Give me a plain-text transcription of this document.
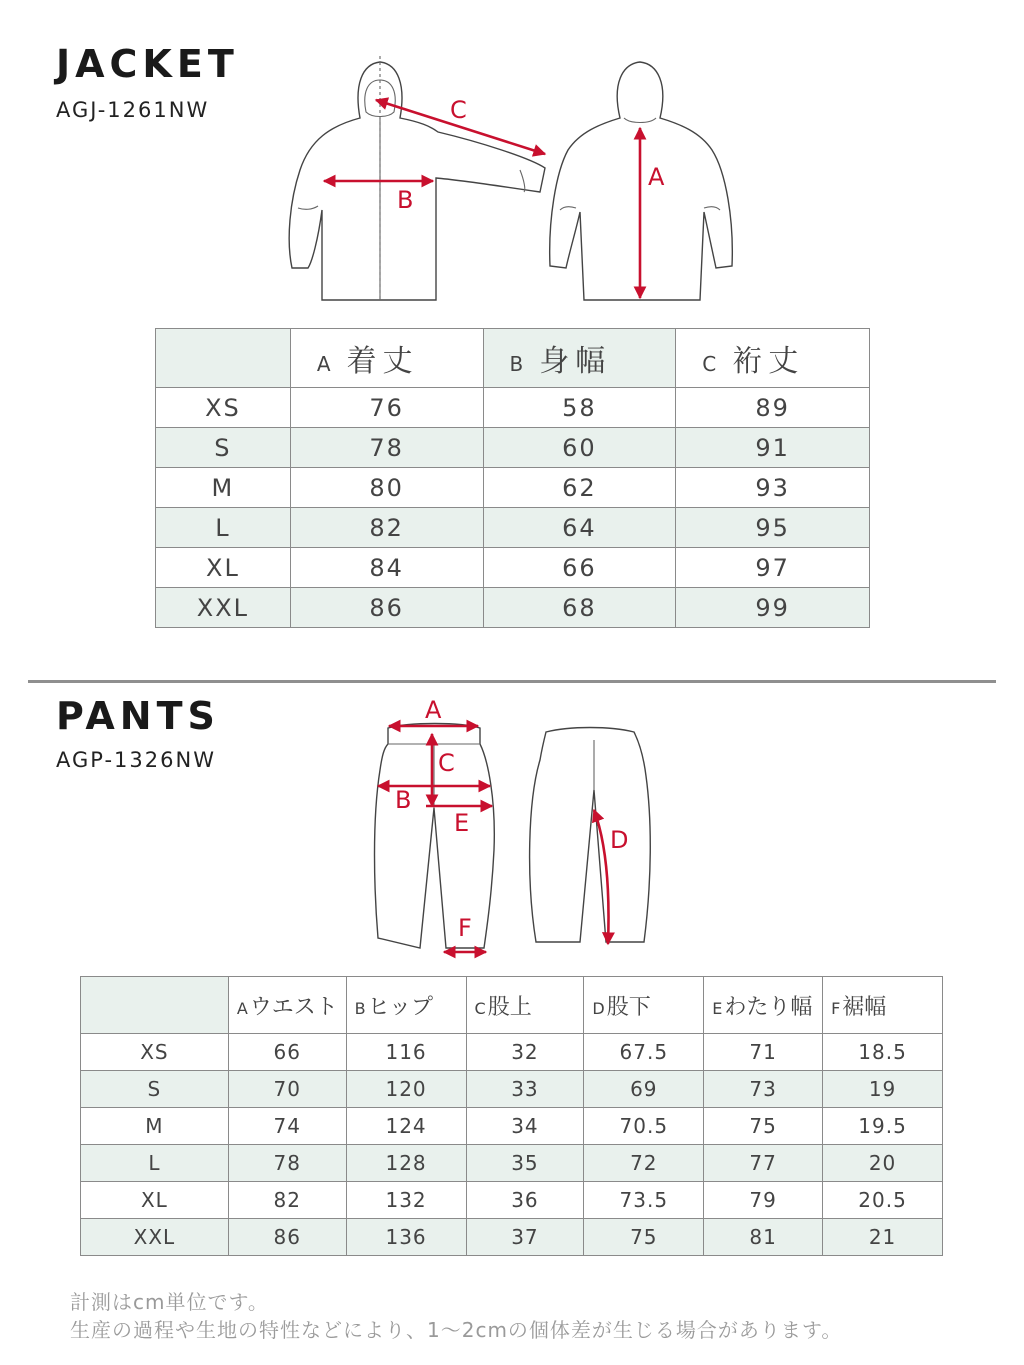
JACKET
AGJ-1261NW	C
B
A
A
B
C
E
D
F
	A 着丈	B 身幅	C 裄丈
XS	76	58	89
S	78	60	91
M	80	62	93
L	82	64	95
XL	84	66	97
XXL	86	68	99
PANTS
AGP-1326NW
	Aウエスト	Bヒップ	C股上	D股下	Eわたり幅	F裾幅
XS	66	116	32	67.5	71	18.5
S	70	120	33	69	73	19
M	74	124	34	70.5	75	19.5
L	78	128	35	72	77	20
XL	82	132	36	73.5	79	20.5
XXL	86	136	37	75	81	21
計測はcm単位です。
生産の過程や生地の特性などにより、1～2cmの個体差が生じる場合があります。
